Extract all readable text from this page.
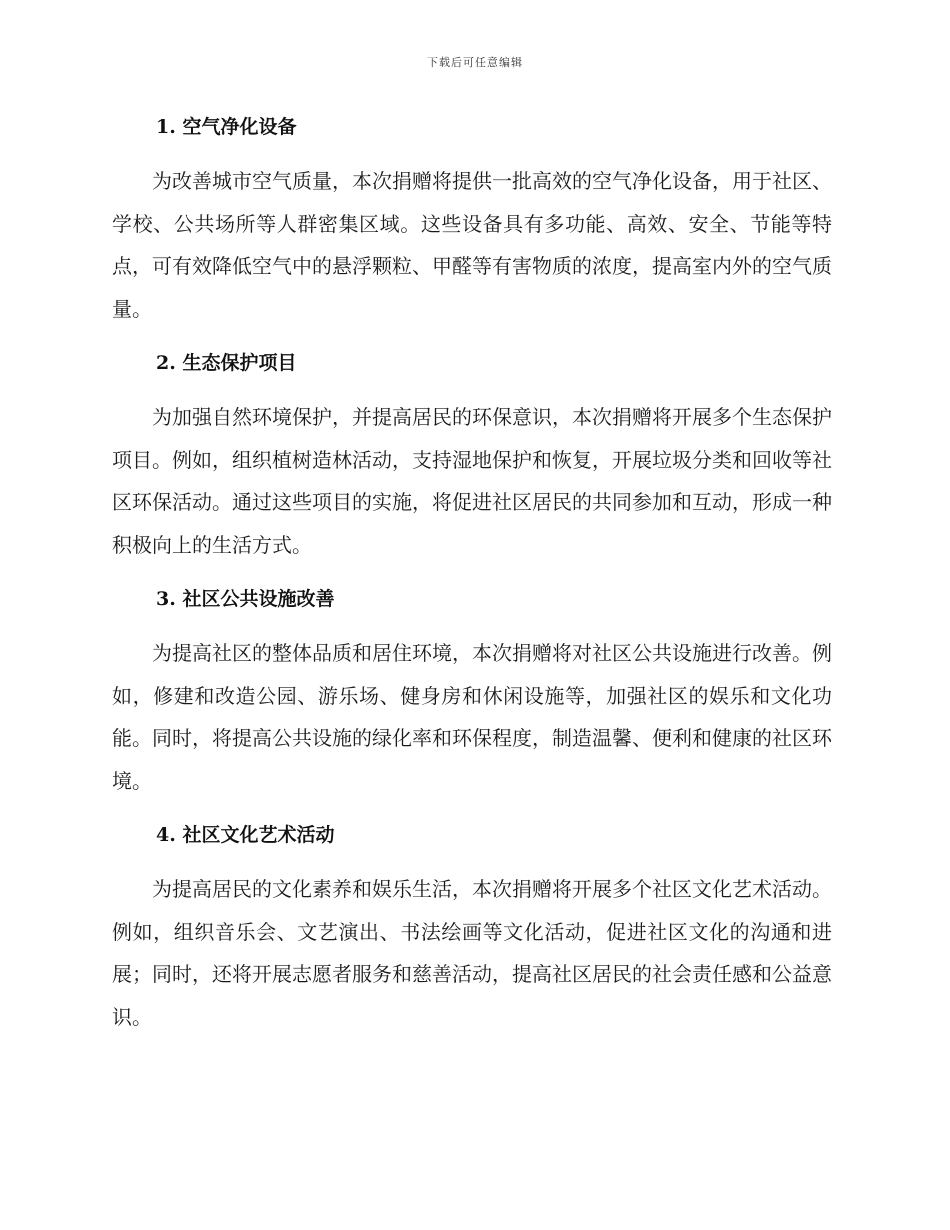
下载后可任意编辑
1. 空气净化设备

为改善城市空气质量，本次捐赠将提供一批高效的空气净化设备，用于社区、学校、公共场所等人群密集区域。这些设备具有多功能、高效、安全、节能等特点，可有效降低空气中的悬浮颗粒、甲醛等有害物质的浓度，提高室内外的空气质量。

2. 生态保护项目

为加强自然环境保护，并提高居民的环保意识，本次捐赠将开展多个生态保护项目。例如，组织植树造林活动，支持湿地保护和恢复，开展垃圾分类和回收等社区环保活动。通过这些项目的实施，将促进社区居民的共同参加和互动，形成一种积极向上的生活方式。

3. 社区公共设施改善

为提高社区的整体品质和居住环境，本次捐赠将对社区公共设施进行改善。例如，修建和改造公园、游乐场、健身房和休闲设施等，加强社区的娱乐和文化功能。同时，将提高公共设施的绿化率和环保程度，制造温馨、便利和健康的社区环境。

4. 社区文化艺术活动

为提高居民的文化素养和娱乐生活，本次捐赠将开展多个社区文化艺术活动。例如，组织音乐会、文艺演出、书法绘画等文化活动，促进社区文化的沟通和进展；同时，还将开展志愿者服务和慈善活动，提高社区居民的社会责任感和公益意识。
